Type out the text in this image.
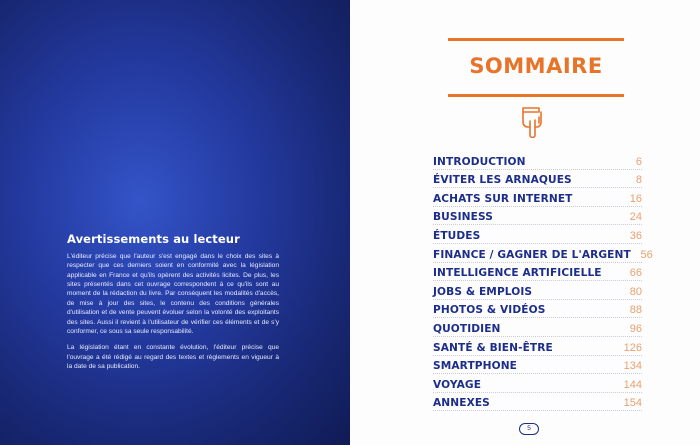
Avertissements au lecteur

L'éditeur précise que l'auteur s'est engagé dans le choix des sites à respecter que ces derniers soient en conformité avec la législation applicable en France et qu'ils opèrent des activités licites. De plus, les sites présentés dans cet ouvrage correspondent à ce qu'ils sont au moment de la rédaction du livre. Par conséquent les modalités d'accès, de mise à jour des sites, le contenu des conditions générales d'utilisation et de vente peuvent évoluer selon la volonté des exploitants des sites. Aussi il revient à l'utilisateur de vérifier ces éléments et de s'y conformer, ce sous sa seule responsabilité.

La législation étant en constante évolution, l'éditeur précise que l'ouvrage a été rédigé au regard des textes et règlements en vigueur à la date de sa publication.

SOMMAIRE
INTRODUCTION	6
ÉVITER LES ARNAQUES	8
ACHATS SUR INTERNET	16
BUSINESS	24
ÉTUDES	36
FINANCE / GAGNER DE L'ARGENT 56
INTELLIGENCE ARTIFICIELLE	66
JOBS & EMPLOIS	80
PHOTOS & VIDÉOS	88
QUOTIDIEN	96
SANTÉ & BIEN-ÊTRE	126
SMARTPHONE	134
VOYAGE	144
ANNEXES	154
5
